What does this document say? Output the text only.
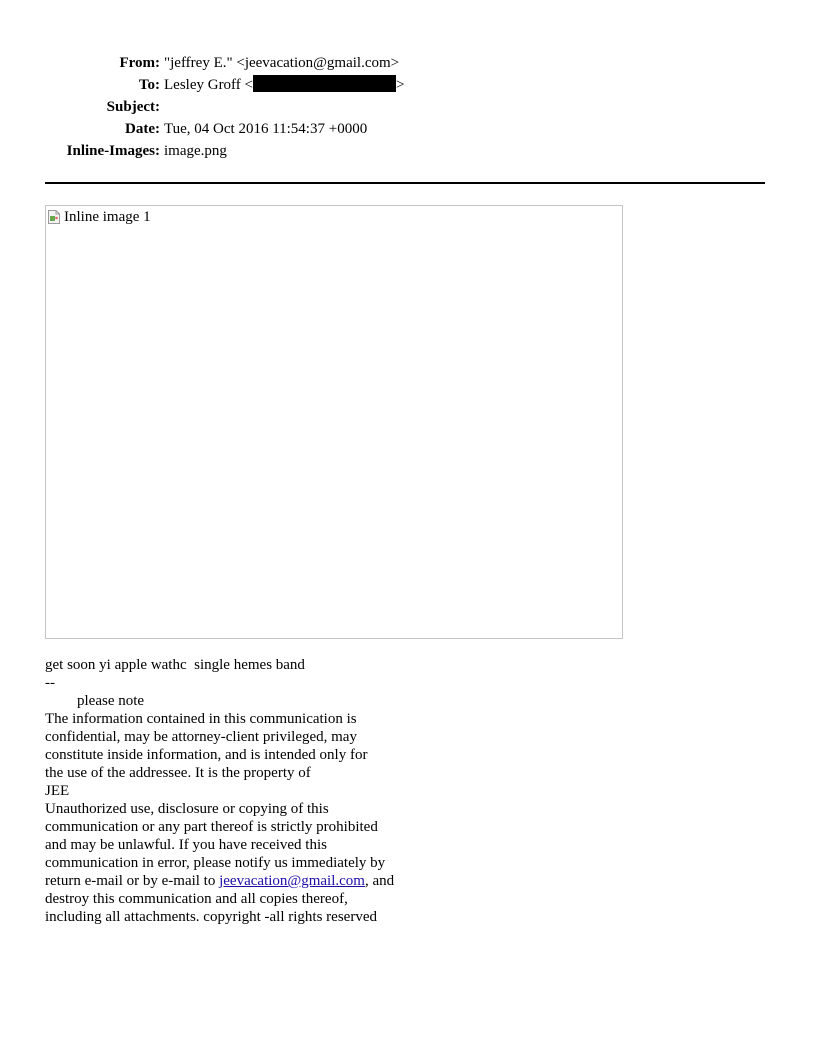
From:	"jeffrey E." <jeevacation@gmail.com>
To:	Lesley Groff < >
Subject:	
Date:	Tue, 04 Oct 2016 11:54:37 +0000
Inline-Images:	image.png
Inline image 1
get soon yi apple wathc  single hemes band
--
please note
The information contained in this communication is
confidential, may be attorney-client privileged, may
constitute inside information, and is intended only for
the use of the addressee. It is the property of
JEE
Unauthorized use, disclosure or copying of this
communication or any part thereof is strictly prohibited
and may be unlawful. If you have received this
communication in error, please notify us immediately by
return e-mail or by e-mail to jeevacation@gmail.com, and
destroy this communication and all copies thereof,
including all attachments. copyright -all rights reserved
